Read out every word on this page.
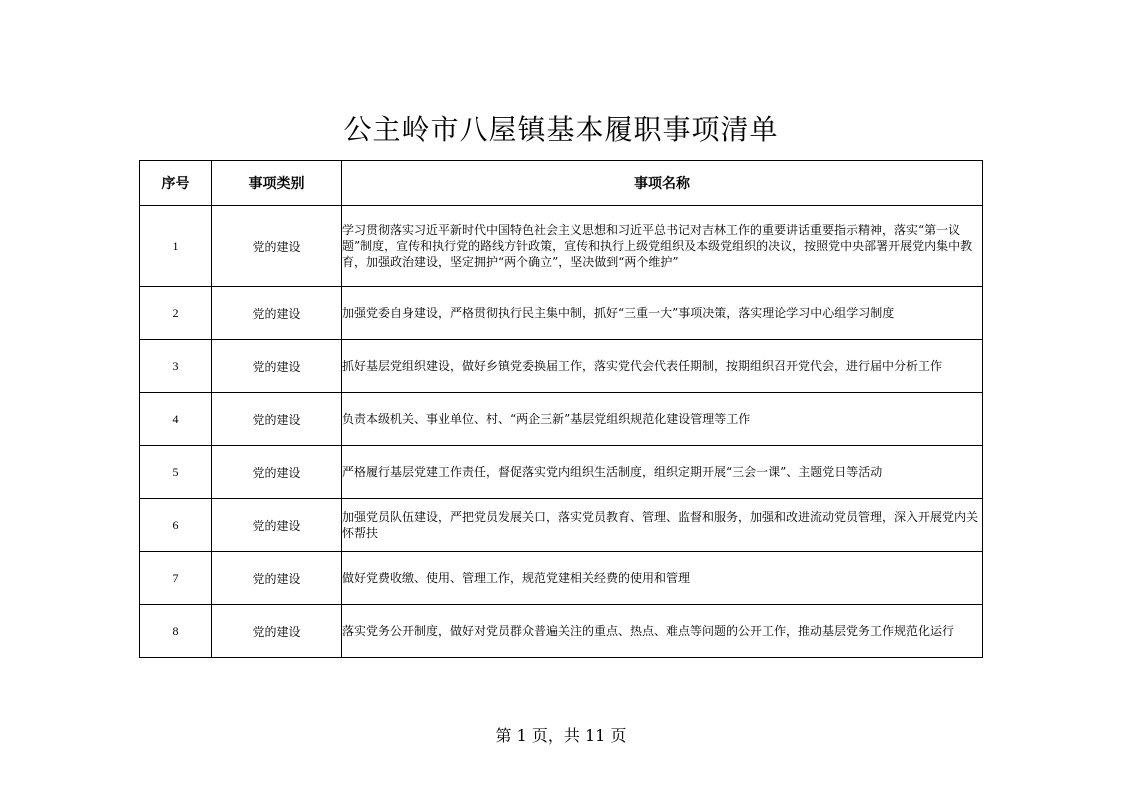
公主岭市八屋镇基本履职事项清单
序号	事项类别	事项名称
1	党的建设	学习贯彻落实习近平新时代中国特色社会主义思想和习近平总书记对吉林工作的重要讲话重要指示精神，落实“第一议题”制度，宣传和执行党的路线方针政策，宣传和执行上级党组织及本级党组织的决议，按照党中央部署开展党内集中教育，加强政治建设，坚定拥护“两个确立”，坚决做到“两个维护”
2	党的建设	加强党委自身建设，严格贯彻执行民主集中制，抓好“三重一大”事项决策，落实理论学习中心组学习制度
3	党的建设	抓好基层党组织建设，做好乡镇党委换届工作，落实党代会代表任期制，按期组织召开党代会，进行届中分析工作
4	党的建设	负责本级机关、事业单位、村、“两企三新”基层党组织规范化建设管理等工作
5	党的建设	严格履行基层党建工作责任，督促落实党内组织生活制度，组织定期开展“三会一课”、主题党日等活动
6	党的建设	加强党员队伍建设，严把党员发展关口，落实党员教育、管理、监督和服务，加强和改进流动党员管理，深入开展党内关怀帮扶
7	党的建设	做好党费收缴、使用、管理工作，规范党建相关经费的使用和管理
8	党的建设	落实党务公开制度，做好对党员群众普遍关注的重点、热点、难点等问题的公开工作，推动基层党务工作规范化运行
第 1 页，共 11 页
